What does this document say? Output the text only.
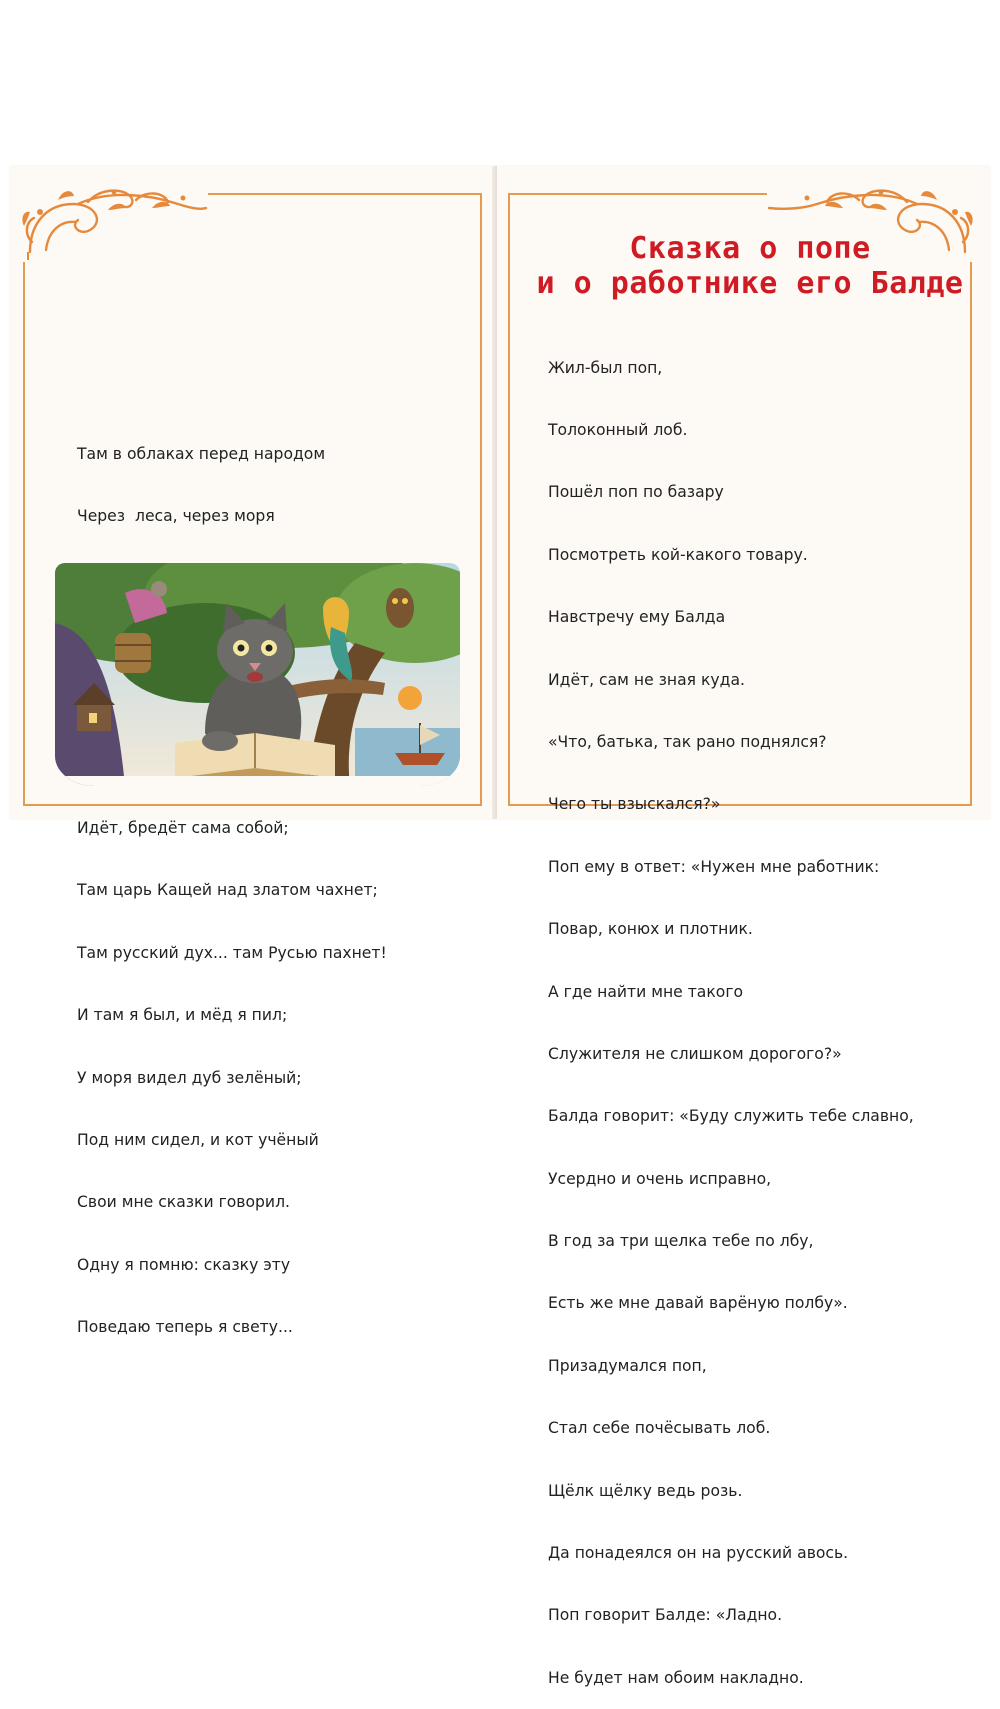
Там в облаках перед народом

Через  леса, через моря

Идёт, бредёт сама собой;

Там царь Кащей над златом чахнет;

Там русский дух... там Русью пахнет!

И там я был, и мёд я пил;

У моря видел дуб зелёный;

Под ним сидел, и кот учёный

Свои мне сказки говорил.

Одну я помню: сказку эту

Поведаю теперь я свету...

Сказка о попе
и о работнике его Балде

Жил-был поп,

Толоконный лоб.

Пошёл поп по базару

Посмотреть кой-какого товару.

Навстречу ему Балда

Идёт, сам не зная куда.

«Что, батька, так рано поднялся?

Чего ты взыскался?»

Поп ему в ответ: «Нужен мне работник:

Повар, конюх и плотник.

А где найти мне такого

Служителя не слишком дорогого?»

Балда говорит: «Буду служить тебе славно,

Усердно и очень исправно,

В год за три щелка тебе по лбу,

Есть же мне давай варёную полбу».

Призадумался поп,

Стал себе почёсывать лоб.

Щёлк щёлку ведь розь.

Да понадеялся он на русский авось.

Поп говорит Балде: «Ладно.

Не будет нам обоим накладно.
